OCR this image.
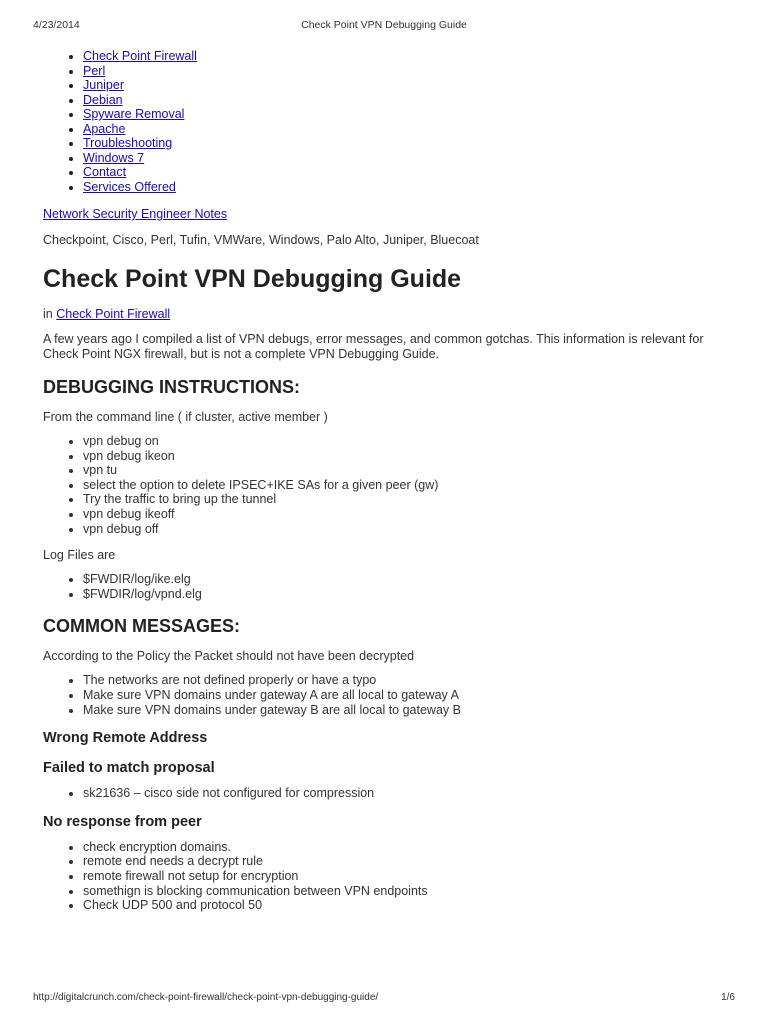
4/23/2014	Check Point VPN Debugging Guide
• Check Point Firewall
• Perl
• Juniper
• Debian
• Spyware Removal
• Apache
• Troubleshooting
• Windows 7
• Contact
• Services Offered
Network Security Engineer Notes
Checkpoint, Cisco, Perl, Tufin, VMWare, Windows, Palo Alto, Juniper, Bluecoat
Check Point VPN Debugging Guide
in Check Point Firewall

A few years ago I compiled a list of VPN debugs, error messages, and common gotchas. This information is relevant for Check Point NGX firewall, but is not a complete VPN Debugging Guide.

DEBUGGING INSTRUCTIONS:

From the command line ( if cluster, active member )

• vpn debug on
• vpn debug ikeon
• vpn tu
• select the option to delete IPSEC+IKE SAs for a given peer (gw)
• Try the traffic to bring up the tunnel
• vpn debug ikeoff
• vpn debug off

Log Files are

• $FWDIR/log/ike.elg
• $FWDIR/log/vpnd.elg
COMMON MESSAGES:

According to the Policy the Packet should not have been decrypted

• The networks are not defined properly or have a typo
• Make sure VPN domains under gateway A are all local to gateway A
• Make sure VPN domains under gateway B are all local to gateway B
Wrong Remote Address
Failed to match proposal
• sk21636 – cisco side not configured for compression
No response from peer
• check encryption domains.
• remote end needs a decrypt rule
• remote firewall not setup for encryption
• somethign is blocking communication between VPN endpoints
• Check UDP 500 and protocol 50
http://digitalcrunch.com/check-point-firewall/check-point-vpn-debugging-guide/	1/6
